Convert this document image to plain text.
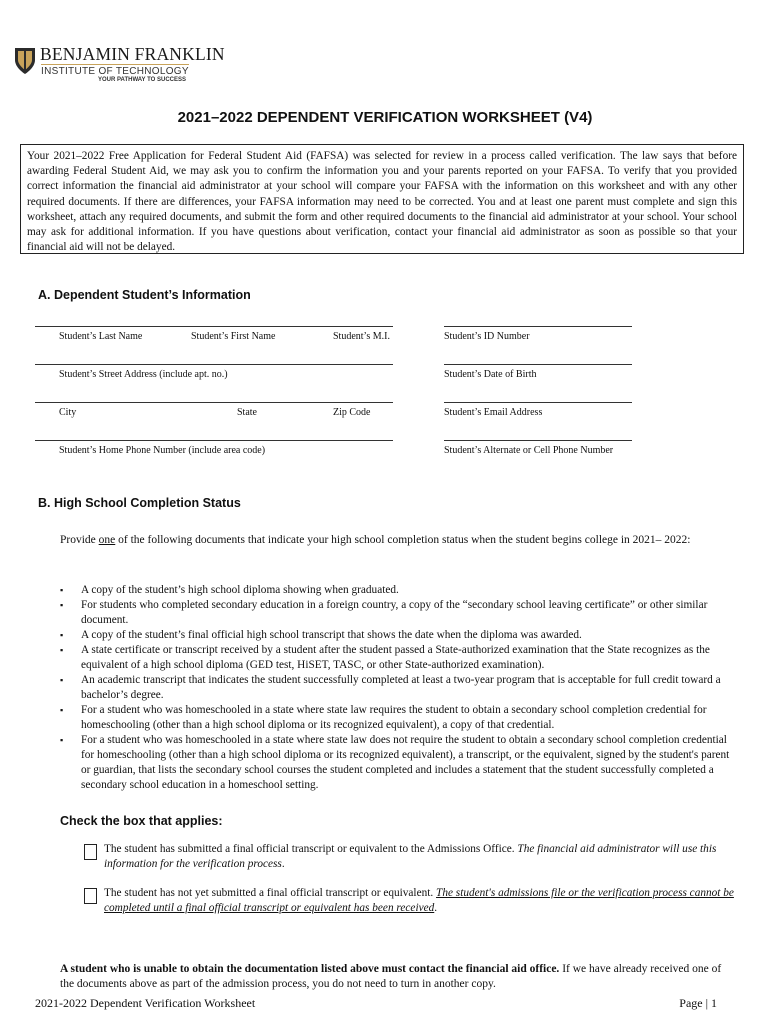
BENJAMIN FRANKLIN
INSTITUTE OF TECHNOLOGY
YOUR PATHWAY TO SUCCESS
2021–2022 DEPENDENT VERIFICATION WORKSHEET (V4)
Your 2021–2022 Free Application for Federal Student Aid (FAFSA) was selected for review in a process called verification. The law says that before awarding Federal Student Aid, we may ask you to confirm the information you and your parents reported on your FAFSA. To verify that you provided correct information the financial aid administrator at your school will compare your FAFSA with the information on this worksheet and with any other required documents. If there are differences, your FAFSA information may need to be corrected. You and at least one parent must complete and sign this worksheet, attach any required documents, and submit the form and other required documents to the financial aid administrator at your school. Your school may ask for additional information. If you have questions about verification, contact your financial aid administrator as soon as possible so that your financial aid will not be delayed.
A. Dependent Student’s Information
Student’s Last Name	Student’s First Name	Student’s M.I.	Student’s ID Number
Student’s Street Address (include apt. no.)	Student’s Date of Birth
City	State	Zip Code	Student’s Email Address
Student’s Home Phone Number (include area code)	Student’s Alternate or Cell Phone Number
B. High School Completion Status
Provide one of the following documents that indicate your high school completion status when the student begins college in 2021– 2022:
▪ A copy of the student’s high school diploma showing when graduated.
▪ For students who completed secondary education in a foreign country, a copy of the “secondary school leaving certificate” or other similar document.
▪ A copy of the student’s final official high school transcript that shows the date when the diploma was awarded.
▪ A state certificate or transcript received by a student after the student passed a State-authorized examination that the State recognizes as the equivalent of a high school diploma (GED test, HiSET, TASC, or other State-authorized examination).
▪ An academic transcript that indicates the student successfully completed at least a two-year program that is acceptable for full credit toward a bachelor’s degree.
▪ For a student who was homeschooled in a state where state law requires the student to obtain a secondary school completion credential for homeschooling (other than a high school diploma or its recognized equivalent), a copy of that credential.
▪ For a student who was homeschooled in a state where state law does not require the student to obtain a secondary school completion credential for homeschooling (other than a high school diploma or its recognized equivalent), a transcript, or the equivalent, signed by the student's parent or guardian, that lists the secondary school courses the student completed and includes a statement that the student successfully completed a secondary school education in a homeschool setting.
Check the box that applies:
The student has submitted a final official transcript or equivalent to the Admissions Office. The financial aid administrator will use this information for the verification process.
The student has not yet submitted a final official transcript or equivalent. The student's admissions file or the verification process cannot be completed until a final official transcript or equivalent has been received.
A student who is unable to obtain the documentation listed above must contact the financial aid office. If we have already received one of the documents above as part of the admission process, you do not need to turn in another copy.
2021-2022 Dependent Verification Worksheet	Page | 1
